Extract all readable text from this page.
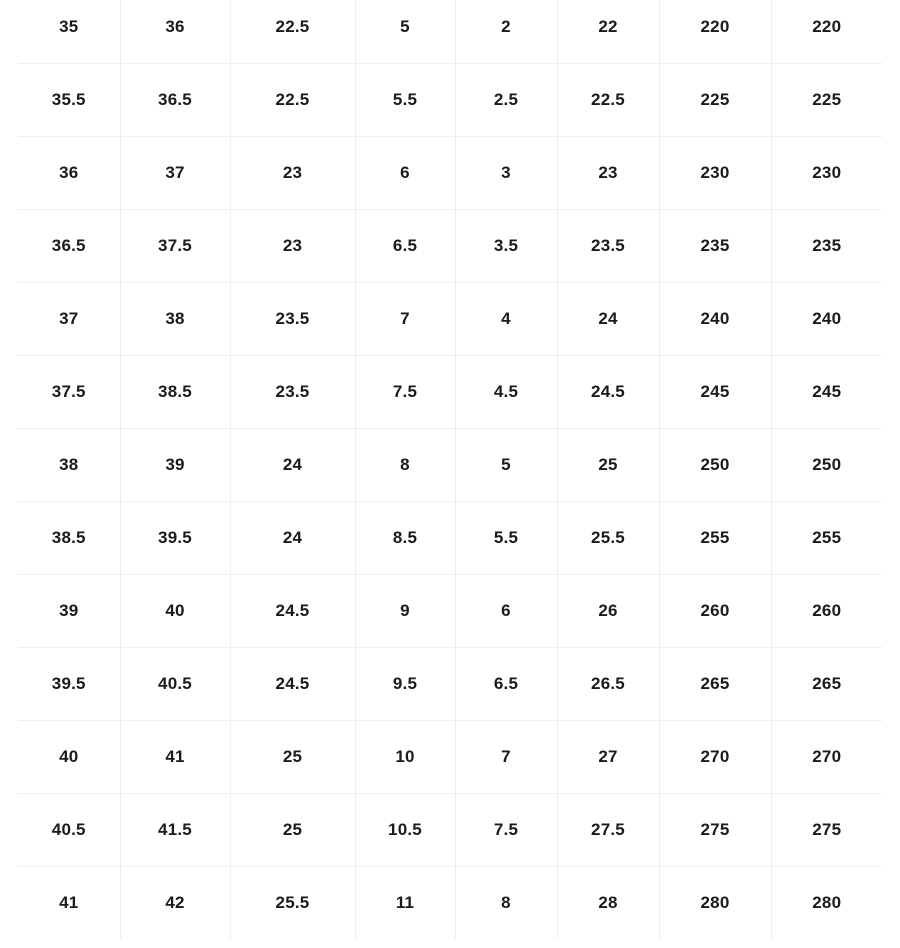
35	36	22.5	5	2	22	220	220
35.5	36.5	22.5	5.5	2.5	22.5	225	225
36	37	23	6	3	23	230	230
36.5	37.5	23	6.5	3.5	23.5	235	235
37	38	23.5	7	4	24	240	240
37.5	38.5	23.5	7.5	4.5	24.5	245	245
38	39	24	8	5	25	250	250
38.5	39.5	24	8.5	5.5	25.5	255	255
39	40	24.5	9	6	26	260	260
39.5	40.5	24.5	9.5	6.5	26.5	265	265
40	41	25	10	7	27	270	270
40.5	41.5	25	10.5	7.5	27.5	275	275
41	42	25.5	11	8	28	280	280
